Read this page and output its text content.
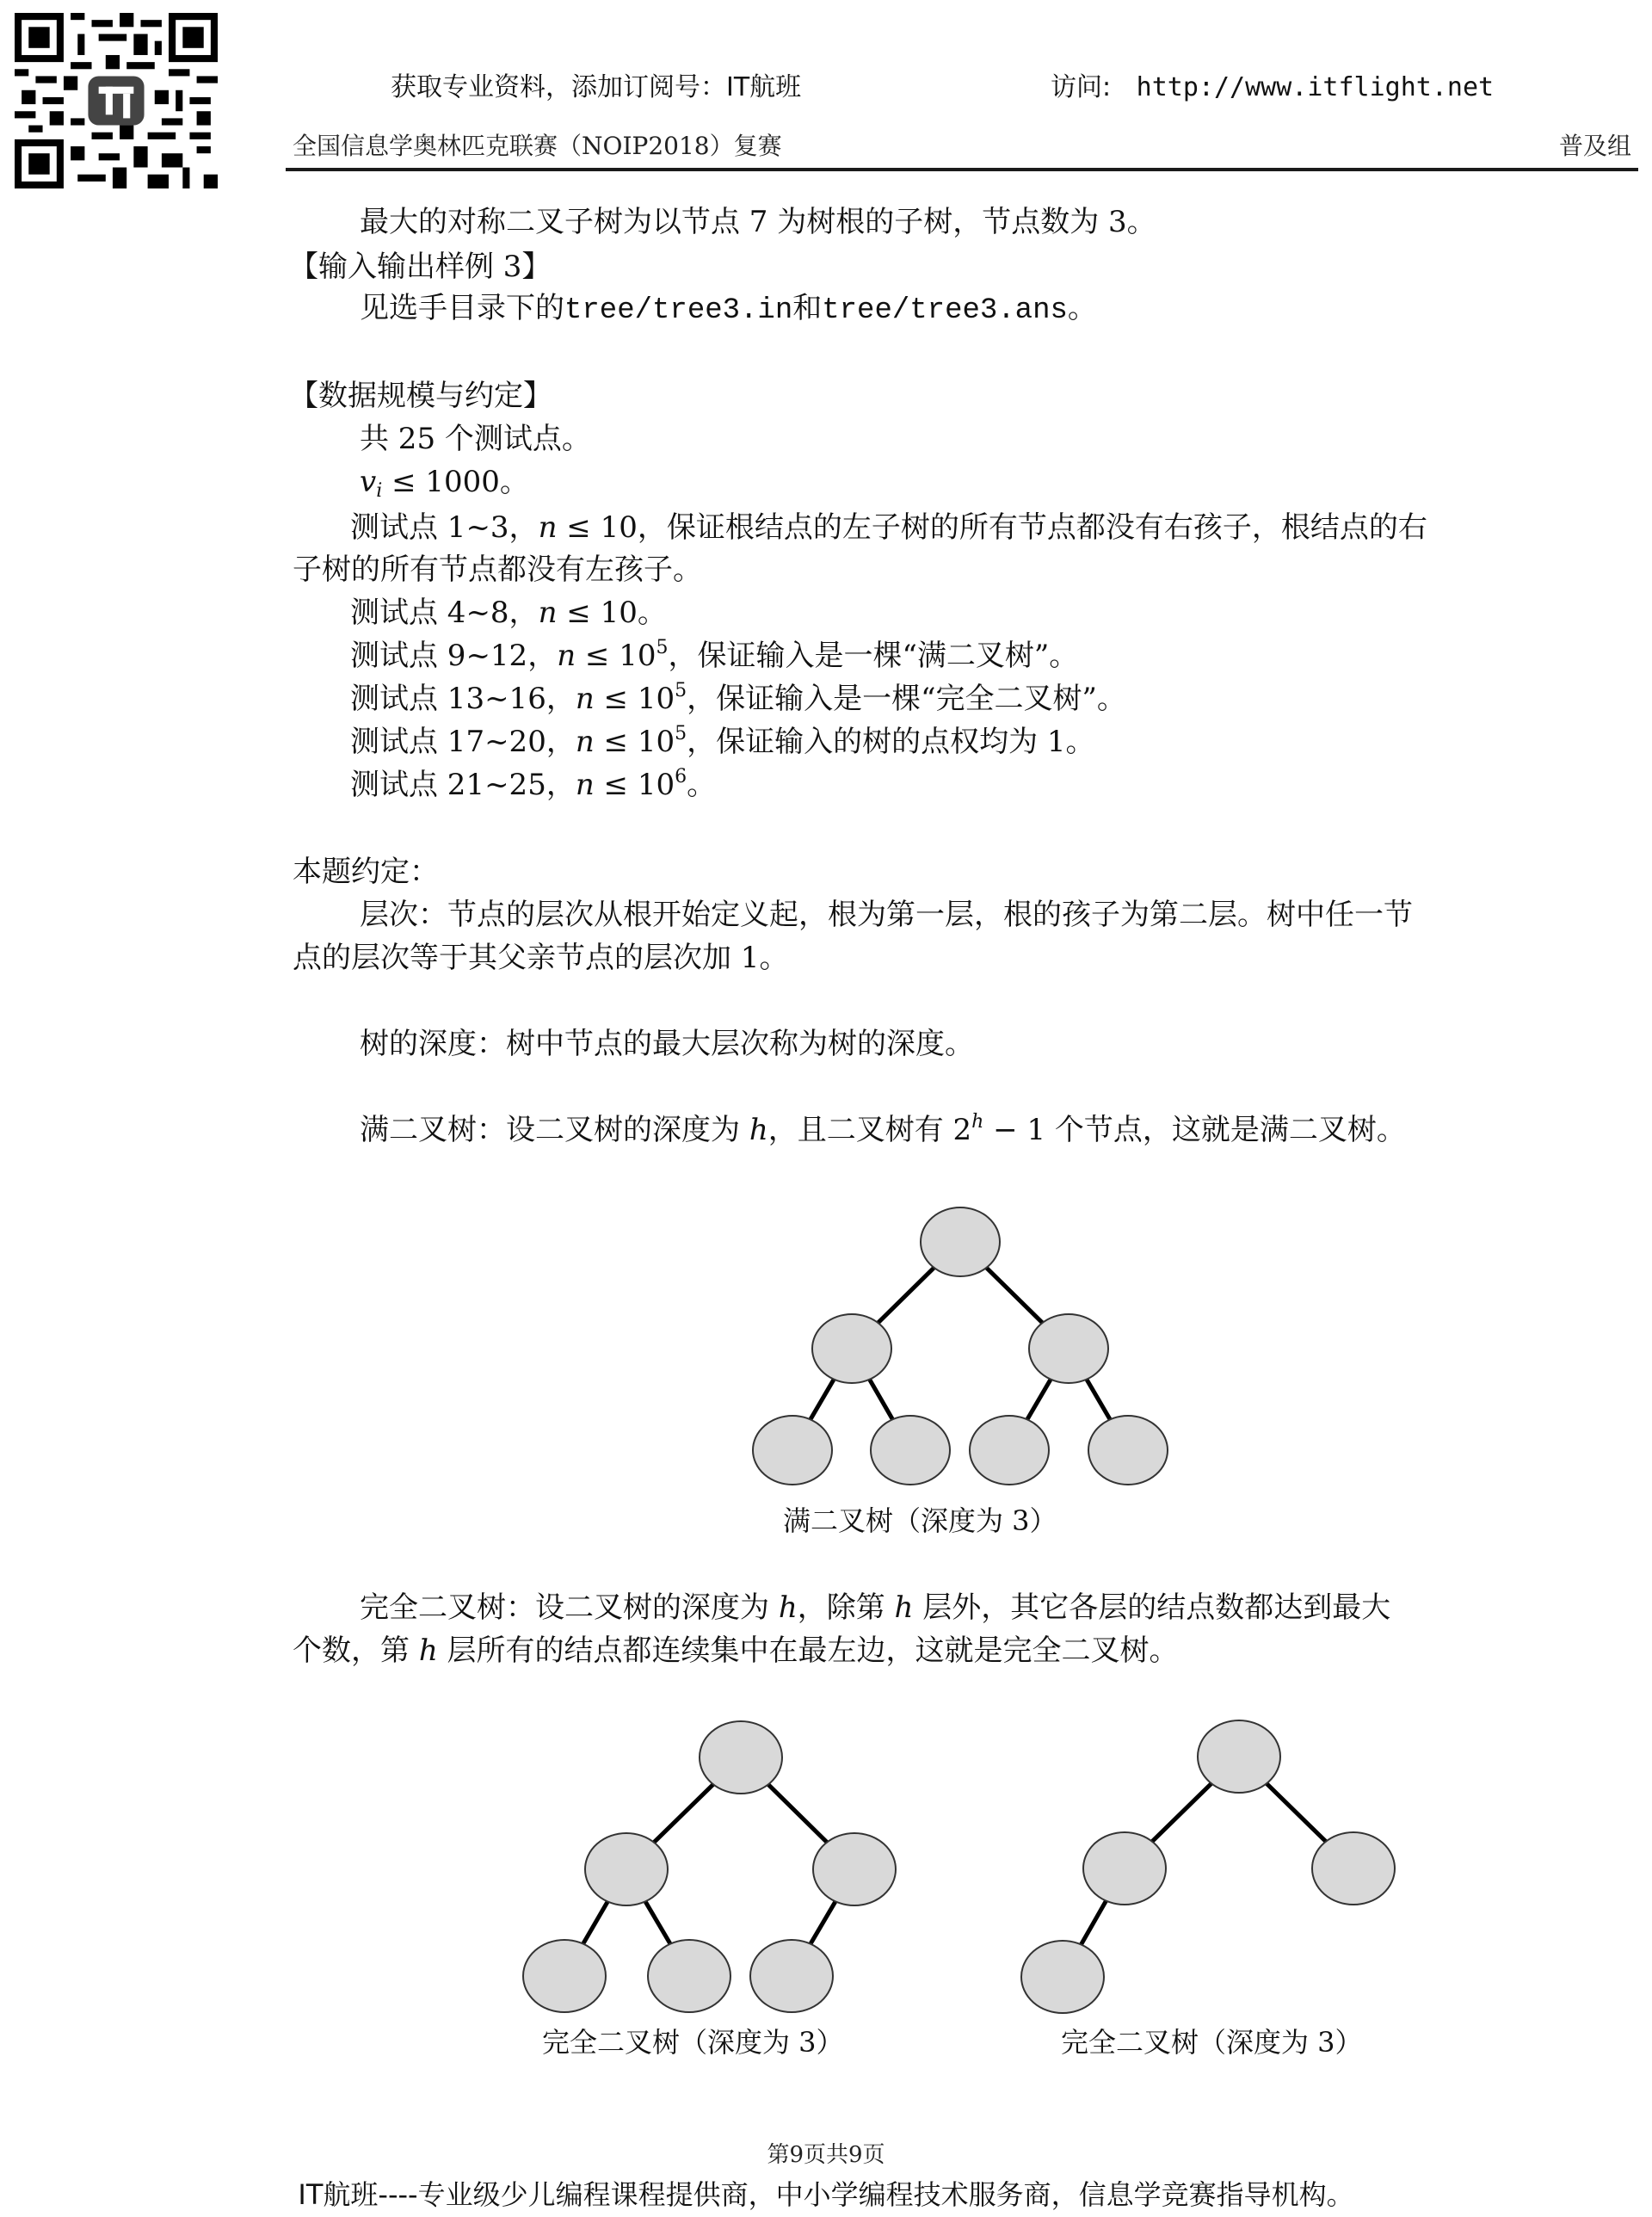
获取专业资料，添加订阅号：IT航班	访问: http://www.itflight.net
全国信息学奥林匹克联赛（NOIP2018）复赛	普及组
最大的对称二叉子树为以节点 7 为树根的子树，节点数为 3。
【输入输出样例 3】
见选手目录下的tree/tree3.in和tree/tree3.ans。
【数据规模与约定】
共 25 个测试点。
$v_i \le 1000$。
测试点 1~3，n ≤ 10，保证根结点的左子树的所有节点都没有右孩子，根结点的右
子树的所有节点都没有左孩子。
测试点 4~8，n ≤ 10。
测试点 9~12，$n \le 10^5$，保证输入是一棵“满二叉树”。
测试点 13~16，$n \le 10^5$，保证输入是一棵“完全二叉树”。
测试点 17~20，$n \le 10^5$，保证输入的树的点权均为 1。
测试点 21~25，$n \le 10^6$。
本题约定：
层次：节点的层次从根开始定义起，根为第一层，根的孩子为第二层。树中任一节
点的层次等于其父亲节点的层次加 1。
树的深度：树中节点的最大层次称为树的深度。
满二叉树：设二叉树的深度为 h，且二叉树有 $2^h - 1$ 个节点，这就是满二叉树。
满二叉树（深度为 3）
完全二叉树：设二叉树的深度为 h，除第 h 层外，其它各层的结点数都达到最大
个数，第 h 层所有的结点都连续集中在最左边，这就是完全二叉树。
完全二叉树（深度为 3）	完全二叉树（深度为 3）
第9页共9页
IT航班----专业级少儿编程课程提供商，中小学编程技术服务商，信息学竞赛指导机构。
